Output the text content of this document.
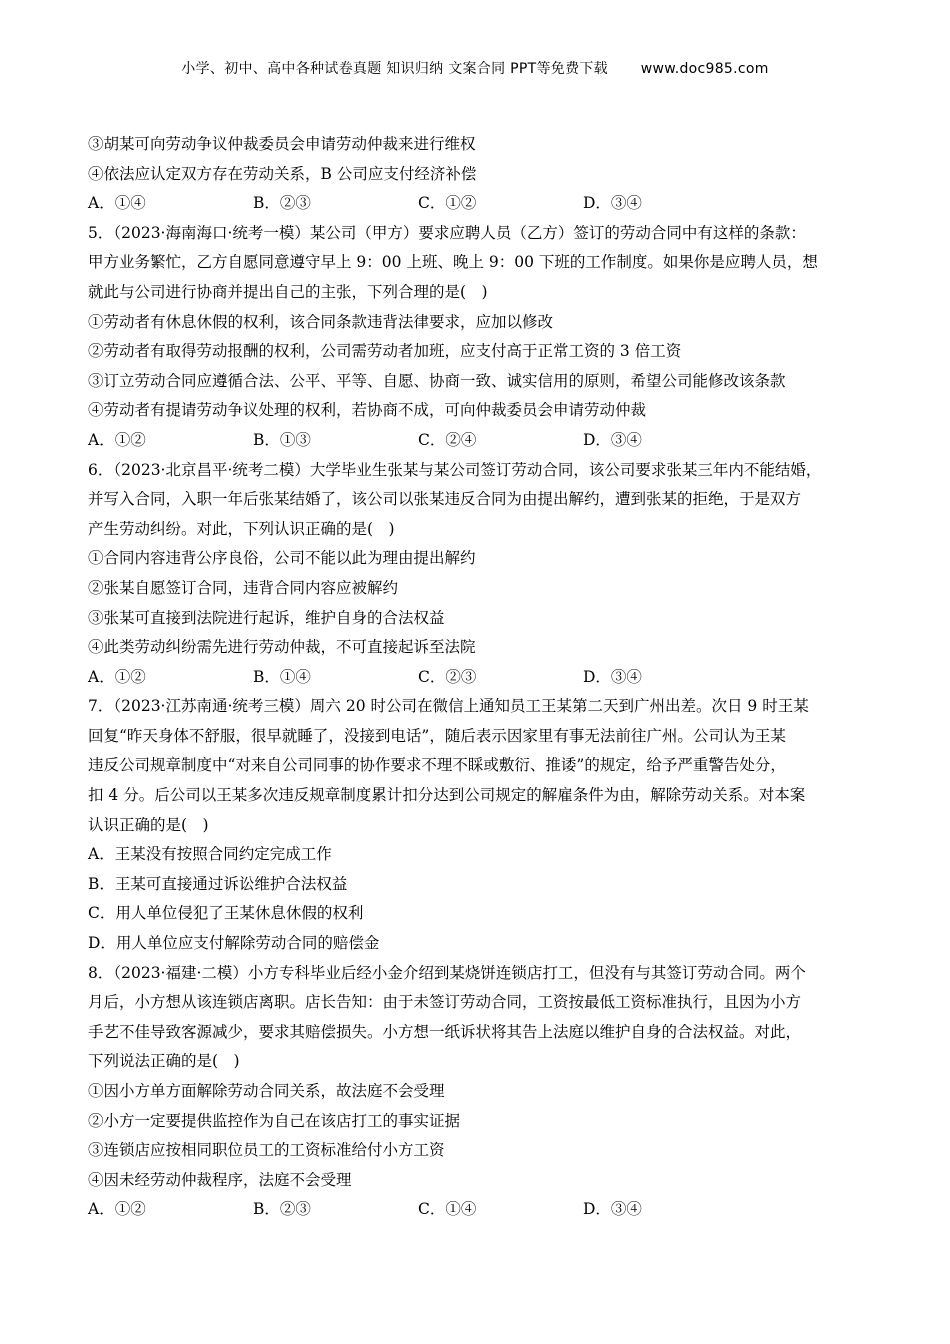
小学、初中、高中各种试卷真题 知识归纳 文案合同 PPT等免费下载 www.doc985.com
③胡某可向劳动争议仲裁委员会申请劳动仲裁来进行维权
④依法应认定双方存在劳动关系，B 公司应支付经济补偿
A．①④	B．②③	C．①②	D．③④
5．（2023·海南海口·统考一模）某公司（甲方）要求应聘人员（乙方）签订的劳动合同中有这样的条款：
甲方业务繁忙，乙方自愿同意遵守早上 9：00 上班、晚上 9：00 下班的工作制度。如果你是应聘人员，想
就此与公司进行协商并提出自己的主张，下列合理的是(　)
①劳动者有休息休假的权利，该合同条款违背法律要求，应加以修改
②劳动者有取得劳动报酬的权利，公司需劳动者加班，应支付高于正常工资的 3 倍工资
③订立劳动合同应遵循合法、公平、平等、自愿、协商一致、诚实信用的原则，希望公司能修改该条款
④劳动者有提请劳动争议处理的权利，若协商不成，可向仲裁委员会申请劳动仲裁
A．①②	B．①③	C．②④	D．③④
6．（2023·北京昌平·统考二模）大学毕业生张某与某公司签订劳动合同，该公司要求张某三年内不能结婚，
并写入合同，入职一年后张某结婚了，该公司以张某违反合同为由提出解约，遭到张某的拒绝，于是双方
产生劳动纠纷。对此，下列认识正确的是(　)
①合同内容违背公序良俗，公司不能以此为理由提出解约
②张某自愿签订合同，违背合同内容应被解约
③张某可直接到法院进行起诉，维护自身的合法权益
④此类劳动纠纷需先进行劳动仲裁，不可直接起诉至法院
A．①②	B．①④	C．②③	D．③④
7．（2023·江苏南通·统考三模）周六 20 时公司在微信上通知员工王某第二天到广州出差。次日 9 时王某
回复“昨天身体不舒服，很早就睡了，没接到电话”，随后表示因家里有事无法前往广州。公司认为王某
违反公司规章制度中“对来自公司同事的协作要求不理不睬或敷衍、推诿”的规定，给予严重警告处分，
扣 4 分。后公司以王某多次违反规章制度累计扣分达到公司规定的解雇条件为由，解除劳动关系。对本案
认识正确的是(　)
A．王某没有按照合同约定完成工作
B．王某可直接通过诉讼维护合法权益
C．用人单位侵犯了王某休息休假的权利
D．用人单位应支付解除劳动合同的赔偿金
8．（2023·福建·二模）小方专科毕业后经小金介绍到某烧饼连锁店打工，但没有与其签订劳动合同。两个
月后，小方想从该连锁店离职。店长告知：由于未签订劳动合同，工资按最低工资标准执行，且因为小方
手艺不佳导致客源减少，要求其赔偿损失。小方想一纸诉状将其告上法庭以维护自身的合法权益。对此，
下列说法正确的是(　)
①因小方单方面解除劳动合同关系，故法庭不会受理
②小方一定要提供监控作为自己在该店打工的事实证据
③连锁店应按相同职位员工的工资标准给付小方工资
④因未经劳动仲裁程序，法庭不会受理
A．①②	B．②③	C．①④	D．③④
